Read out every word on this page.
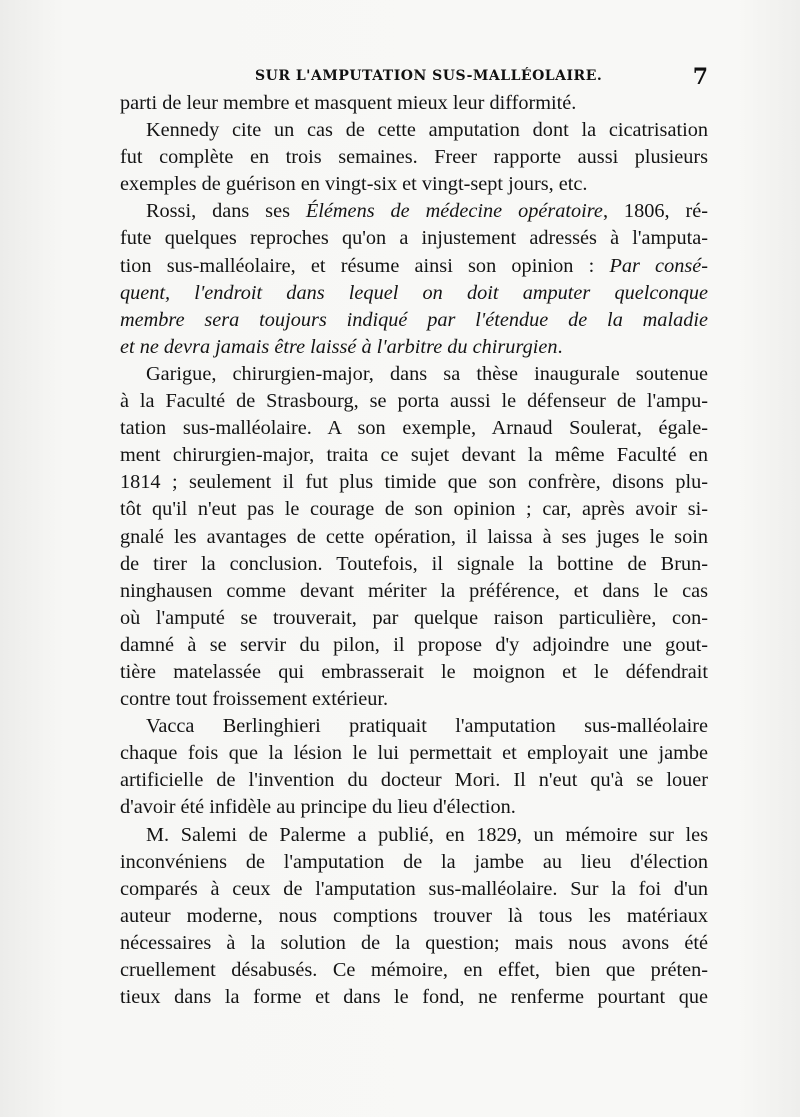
SUR L'AMPUTATION SUS-MALLÉOLAIRE.	7
parti de leur membre et masquent mieux leur difformité.
Kennedy cite un cas de cette amputation dont la cicatrisation
fut complète en trois semaines. Freer rapporte aussi plusieurs
exemples de guérison en vingt-six et vingt-sept jours, etc.
Rossi, dans ses Élémens de médecine opératoire, 1806, ré-
fute quelques reproches qu'on a injustement adressés à l'amputa-
tion sus-malléolaire, et résume ainsi son opinion : Par consé-
quent, l'endroit dans lequel on doit amputer quelconque
membre sera toujours indiqué par l'étendue de la maladie
et ne devra jamais être laissé à l'arbitre du chirurgien.
Garigue, chirurgien-major, dans sa thèse inaugurale soutenue
à la Faculté de Strasbourg, se porta aussi le défenseur de l'ampu-
tation sus-malléolaire. A son exemple, Arnaud Soulerat, égale-
ment chirurgien-major, traita ce sujet devant la même Faculté en
1814 ; seulement il fut plus timide que son confrère, disons plu-
tôt qu'il n'eut pas le courage de son opinion ; car, après avoir si-
gnalé les avantages de cette opération, il laissa à ses juges le soin
de tirer la conclusion. Toutefois, il signale la bottine de Brun-
ninghausen comme devant mériter la préférence, et dans le cas
où l'amputé se trouverait, par quelque raison particulière, con-
damné à se servir du pilon, il propose d'y adjoindre une gout-
tière matelassée qui embrasserait le moignon et le défendrait
contre tout froissement extérieur.
Vacca Berlinghieri pratiquait l'amputation sus-malléolaire
chaque fois que la lésion le lui permettait et employait une jambe
artificielle de l'invention du docteur Mori. Il n'eut qu'à se louer
d'avoir été infidèle au principe du lieu d'élection.
M. Salemi de Palerme a publié, en 1829, un mémoire sur les
inconvéniens de l'amputation de la jambe au lieu d'élection
comparés à ceux de l'amputation sus-malléolaire. Sur la foi d'un
auteur moderne, nous comptions trouver là tous les matériaux
nécessaires à la solution de la question; mais nous avons été
cruellement désabusés. Ce mémoire, en effet, bien que préten-
tieux dans la forme et dans le fond, ne renferme pourtant que
